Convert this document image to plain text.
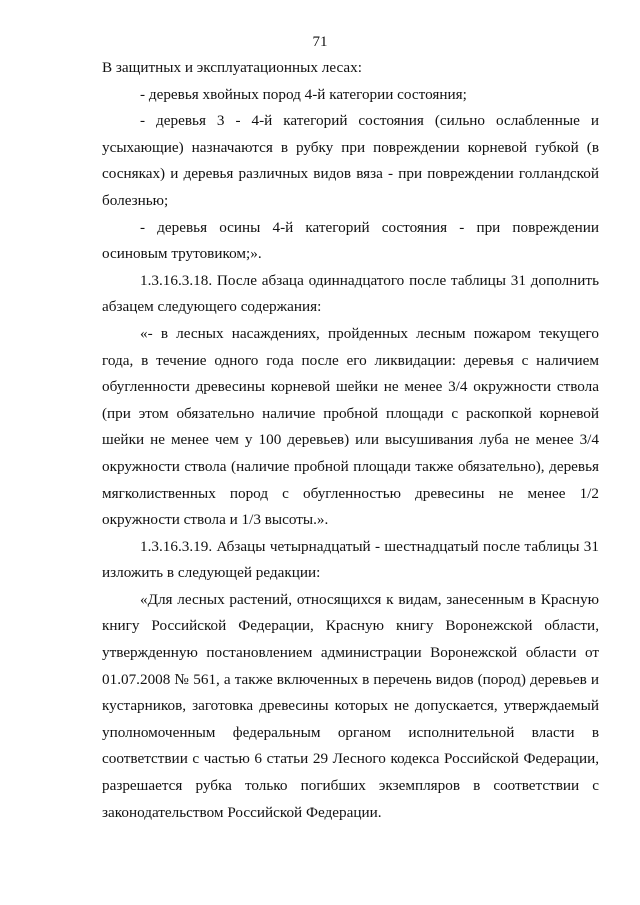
71

В защитных и эксплуатационных лесах:

- деревья хвойных пород 4-й категории состояния;

- деревья 3 - 4-й категорий состояния (сильно ослабленные и усыхающие) назначаются в рубку при повреждении корневой губкой (в сосняках) и деревья различных видов вяза - при повреждении голландской болезнью;

- деревья осины 4-й категорий состояния - при повреждении осиновым трутовиком;».

1.3.16.3.18. После абзаца одиннадцатого после таблицы 31 дополнить абзацем следующего содержания:

«- в лесных насаждениях, пройденных лесным пожаром текущего года, в течение одного года после его ликвидации: деревья с наличием обугленности древесины корневой шейки не менее 3/4 окружности ствола (при этом обязательно наличие пробной площади с раскопкой корневой шейки не менее чем у 100 деревьев) или высушивания луба не менее 3/4 окружности ствола (наличие пробной площади также обязательно), деревья мягколиственных пород с обугленностью древесины не менее 1/2 окружности ствола и 1/3 высоты.».

1.3.16.3.19. Абзацы четырнадцатый - шестнадцатый после таблицы 31 изложить в следующей редакции:

«Для лесных растений, относящихся к видам, занесенным в Красную книгу Российской Федерации, Красную книгу Воронежской области, утвержденную постановлением администрации Воронежской области от 01.07.2008 № 561, а также включенных в перечень видов (пород) деревьев и кустарников, заготовка древесины которых не допускается, утверждаемый уполномоченным федеральным органом исполнительной власти в соответствии с частью 6 статьи 29 Лесного кодекса Российской Федерации, разрешается рубка только погибших экземпляров в соответствии с законодательством Российской Федерации.
